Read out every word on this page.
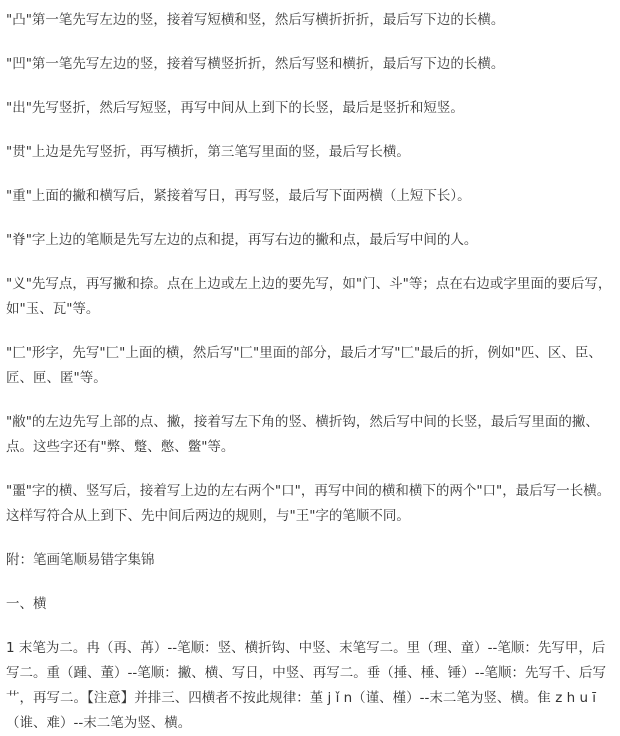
"凸"第一笔先写左边的竖，接着写短横和竖，然后写横折折折，最后写下边的长横。

"凹"第一笔先写左边的竖，接着写横竖折折，然后写竖和横折，最后写下边的长横。

"出"先写竖折，然后写短竖，再写中间从上到下的长竖，最后是竖折和短竖。

"贯"上边是先写竖折，再写横折，第三笔写里面的竖，最后写长横。

"重"上面的撇和横写后，紧接着写日，再写竖，最后写下面两横（上短下长）。

"脊"字上边的笔顺是先写左边的点和提，再写右边的撇和点，最后写中间的人。

"义"先写点，再写撇和捺。点在上边或左上边的要先写，如"门、斗"等；点在右边或字里面的要后写，如"玉、瓦"等。

"匚"形字，先写"匚"上面的横，然后写"匚"里面的部分，最后才写"匚"最后的折，例如"匹、区、臣、匠、匣、匿"等。

"敝"的左边先写上部的点、撇，接着写左下角的竖、横折钩，然后写中间的长竖，最后写里面的撇、点。这些字还有"弊、蹩、憋、鳖"等。

"噩"字的横、竖写后，接着写上边的左右两个"口"，再写中间的横和横下的两个"口"，最后写一长横。这样写符合从上到下、先中间后两边的规则，与"王"字的笔顺不同。

附：笔画笔顺易错字集锦

一、横

1 末笔为二。冉（再、苒）--笔顺：竖、横折钩、中竖、末笔写二。里（理、童）--笔顺：先写甲，后写二。重（踵、董）--笔顺：撇、横、写日，中竖、再写二。垂（捶、棰、锤）--笔顺：先写千、后写艹，再写二。【注意】并排三、四横者不按此规律：堇 j ǐ n（谨、槿）--末二笔为竖、横。隹 z h u ī（谁、难）--末二笔为竖、横。
